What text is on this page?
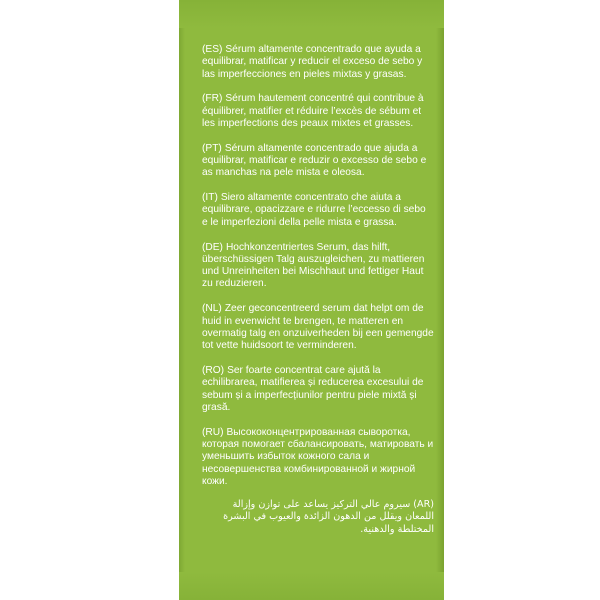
(ES) Sérum altamente concentrado que ayuda a equilibrar, matificar y reducir el exceso de sebo y las imperfecciones en pieles mixtas y grasas.

(FR) Sérum hautement concentré qui contribue à équilibrer, matifier et réduire l’excès de sébum et les imperfections des peaux mixtes et grasses.

(PT) Sérum altamente concentrado que ajuda a equilibrar, matificar e reduzir o excesso de sebo e as manchas na pele mista e oleosa.

(IT) Siero altamente concentrato che aiuta a equilibrare, opacizzare e ridurre l’eccesso di sebo e le imperfezioni della pelle mista e grassa.

(DE) Hochkonzentriertes Serum, das hilft, überschüssigen Talg auszugleichen, zu mattieren und Unreinheiten bei Mischhaut und fettiger Haut zu reduzieren.

(NL) Zeer geconcentreerd serum dat helpt om de huid in evenwicht te brengen, te matteren en overmatig talg en onzuiverheden bij een gemengde tot vette huidsoort te verminderen.

(RO) Ser foarte concentrat care ajută la echilibrarea, matifierea și reducerea excesului de sebum și a imperfecțiunilor pentru piele mixtă și grasă.

(RU) Высококонцентрированная сыворотка, которая помогает сбалансировать, матировать и уменьшить избыток кожного сала и несовершенства комбинированной и жирной кожи.

(AR)سيروم عالي التركيز يساعد على توازن وإزالة اللمعان ويقلل من الدهون الزائدة والعيوب في البشرة المختلطة والدهنية.
